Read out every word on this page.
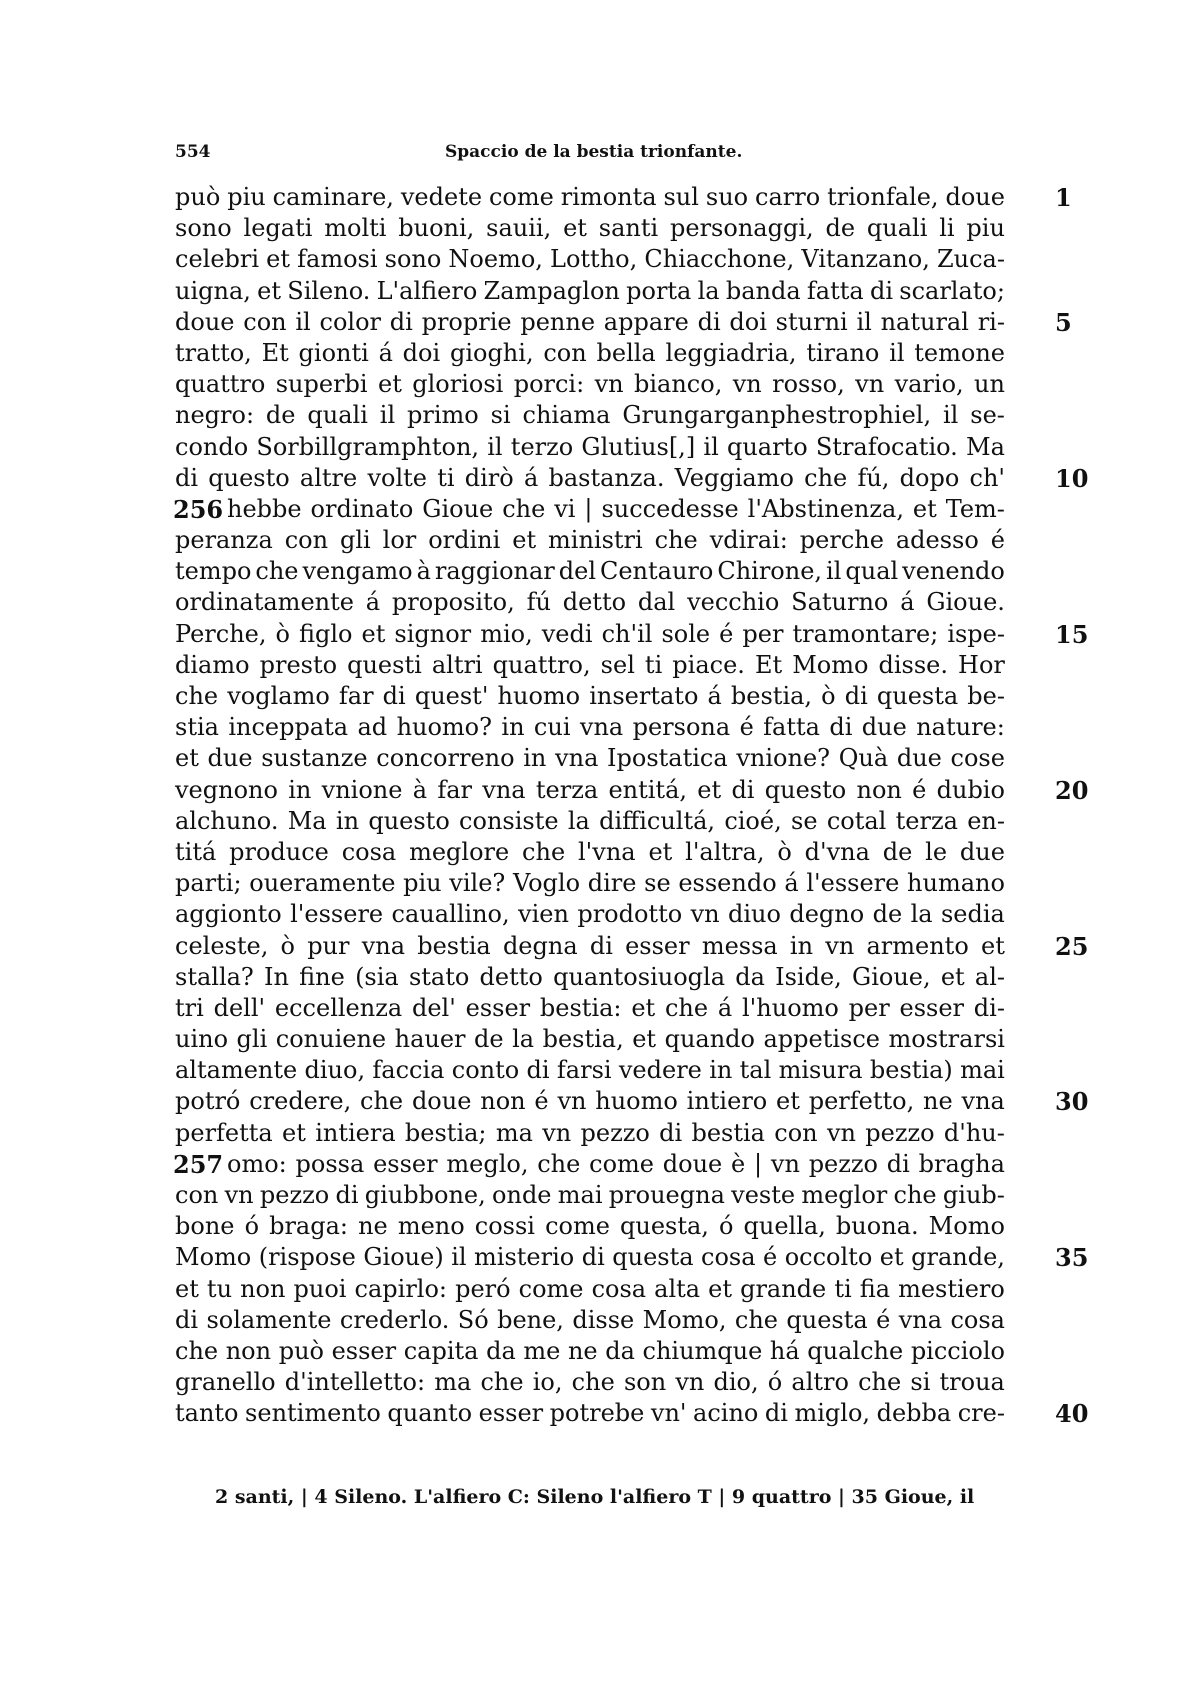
554	Spaccio de la bestia trionfante.
può piu caminare, vedete come rimonta sul suo carro trionfale, doue 1
sono legati molti buoni, sauii, et santi personaggi, de quali li piu
celebri et famosi sono Noemo, Lottho, Chiacchone, Vitanzano, Zuca-
uigna, et Sileno. L'alfiero Zampaglon porta la banda fatta di scarlato;
doue con il color di proprie penne appare di doi sturni il natural ri- 5
tratto, Et gionti á doi gioghi, con bella leggiadria, tirano il temone
quattro superbi et gloriosi porci: vn bianco, vn rosso, vn vario, un
negro: de quali il primo si chiama Grungarganphestrophiel, il se-
condo Sorbillgramphton, il terzo Glutius[,] il quarto Strafocatio. Ma
di questo altre volte ti dirò á bastanza. Veggiamo che fú, dopo ch' 10
256 hebbe ordinato Gioue che vi | succedesse l'Abstinenza, et Tem-
peranza con gli lor ordini et ministri che vdirai: perche adesso é
tempo che vengamo à raggionar del Centauro Chirone, il qual venendo
ordinatamente á proposito, fú detto dal vecchio Saturno á Gioue.
Perche, ò figlo et signor mio, vedi ch'il sole é per tramontare; ispe- 15
diamo presto questi altri quattro, sel ti piace. Et Momo disse. Hor
che voglamo far di quest' huomo insertato á bestia, ò di questa be-
stia inceppata ad huomo? in cui vna persona é fatta di due nature:
et due sustanze concorreno in vna Ipostatica vnione? Quà due cose
vegnono in vnione à far vna terza entitá, et di questo non é dubio 20
alchuno. Ma in questo consiste la difficultá, cioé, se cotal terza en-
titá produce cosa meglore che l'vna et l'altra, ò d'vna de le due
parti; oueramente piu vile? Voglo dire se essendo á l'essere humano
aggionto l'essere cauallino, vien prodotto vn diuo degno de la sedia
celeste, ò pur vna bestia degna di esser messa in vn armento et 25
stalla? In fine (sia stato detto quantosiuogla da Iside, Gioue, et al-
tri dell' eccellenza del' esser bestia: et che á l'huomo per esser di-
uino gli conuiene hauer de la bestia, et quando appetisce mostrarsi
altamente diuo, faccia conto di farsi vedere in tal misura bestia) mai
potró credere, che doue non é vn huomo intiero et perfetto, ne vna 30
perfetta et intiera bestia; ma vn pezzo di bestia con vn pezzo d'hu-
257 omo: possa esser meglo, che come doue è | vn pezzo di bragha
con vn pezzo di giubbone, onde mai prouegna veste meglor che giub-
bone ó braga: ne meno cossi come questa, ó quella, buona. Momo
Momo (rispose Gioue) il misterio di questa cosa é occolto et grande, 35
et tu non puoi capirlo: peró come cosa alta et grande ti fia mestiero
di solamente crederlo. Só bene, disse Momo, che questa é vna cosa
che non può esser capita da me ne da chiumque há qualche picciolo
granello d'intelletto: ma che io, che son vn dio, ó altro che si troua
tanto sentimento quanto esser potrebe vn' acino di miglo, debba cre- 40
2 santi, | 4 Sileno. L'alfiero C: Sileno l'alfiero T | 9 quattro | 35 Gioue, il
